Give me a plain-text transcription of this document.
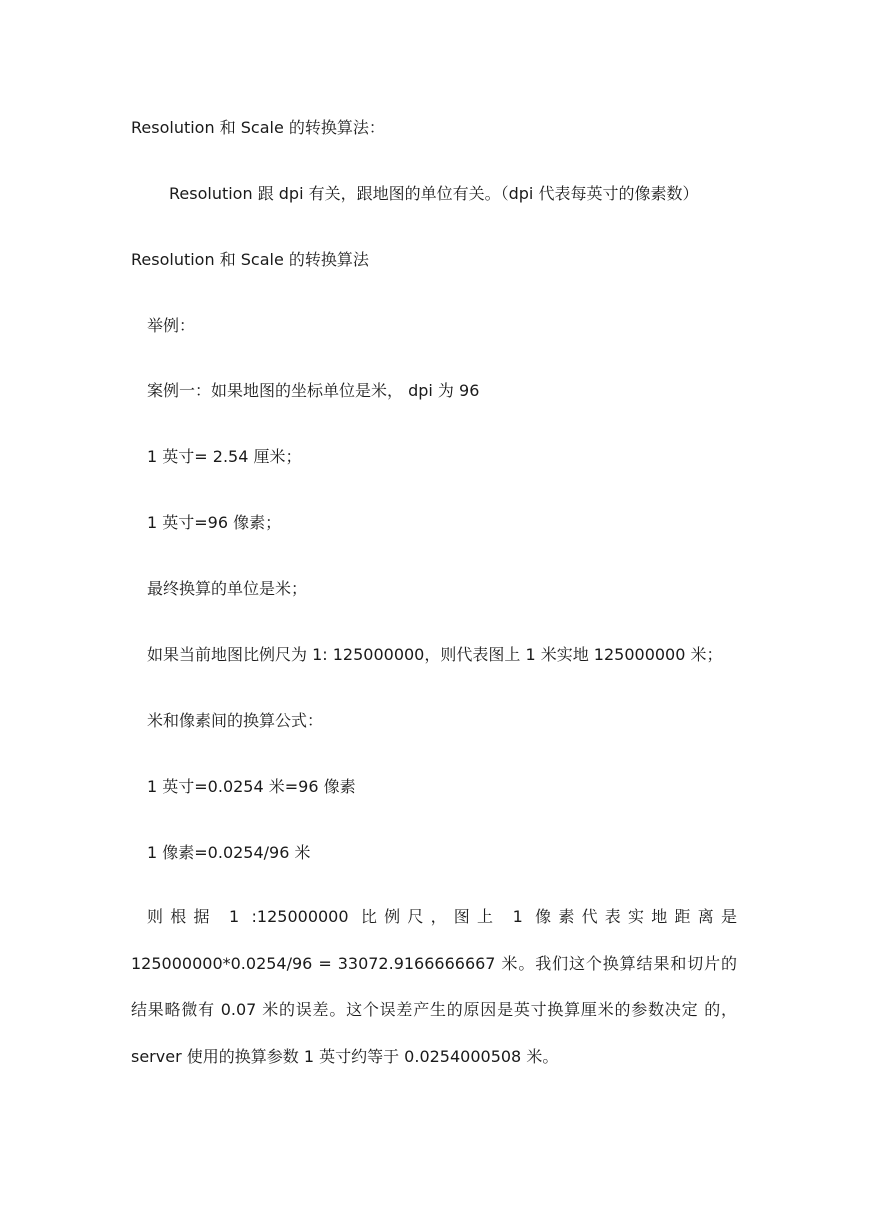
Resolution 和 Scale 的转换算法：
Resolution 跟 dpi 有关，跟地图的单位有关。（dpi 代表每英寸的像素数）
Resolution 和 Scale 的转换算法
举例：
案例一：如果地图的坐标单位是米， dpi 为 96
1 英寸= 2.54 厘米；
1 英寸=96 像素；
最终换算的单位是米；
如果当前地图比例尺为 1: 125000000，则代表图上 1 米实地 125000000 米；
米和像素间的换算公式：
1 英寸=0.0254 米=96 像素
1 像素=0.0254/96 米
则根据 1 :125000000 比例尺，图上 1 像素代表实地距离是 125000000*0.0254/96 = 33072.9166666667 米。我们这个换算结果和切片的结果略微有 0.07 米的误差。这个误差产生的原因是英寸换算厘米的参数决定 的，server 使用的换算参数 1 英寸约等于 0.0254000508 米。
